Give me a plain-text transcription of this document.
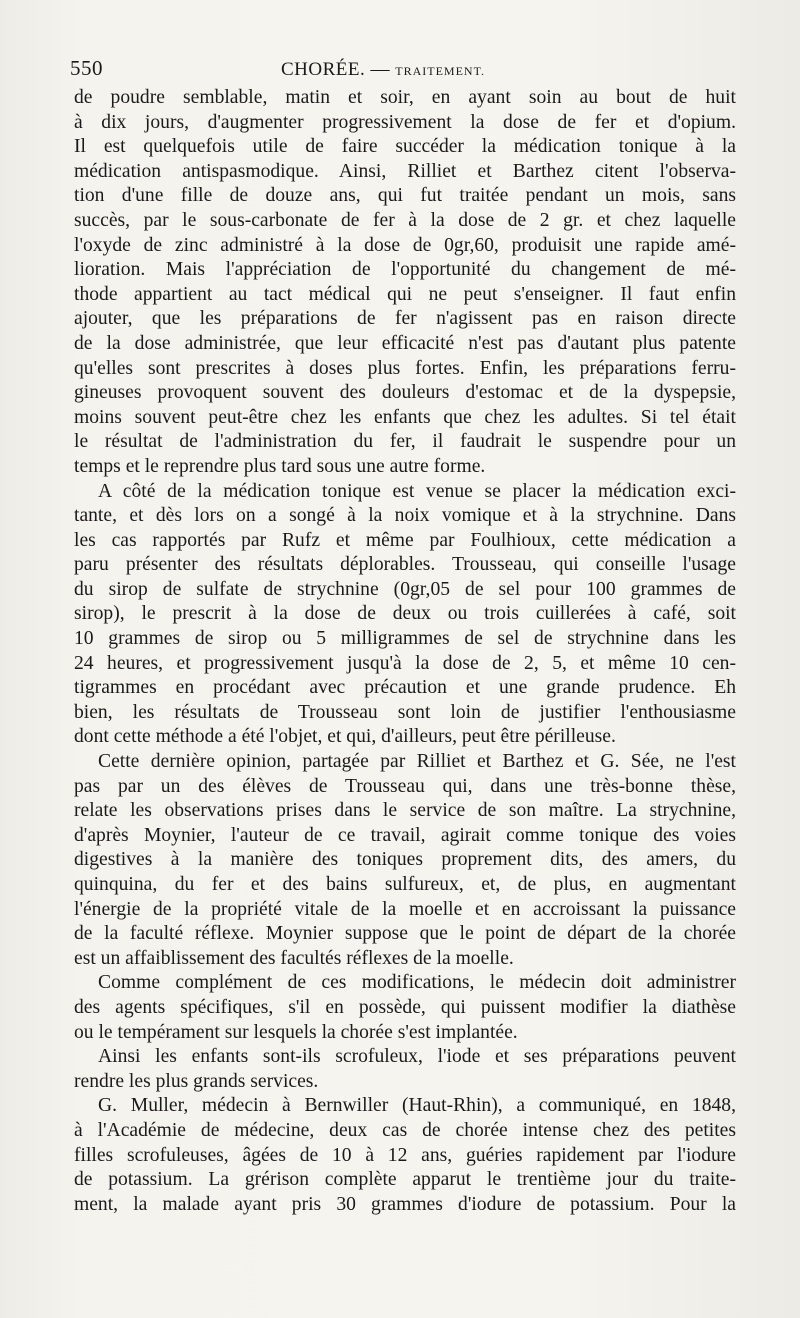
550	CHORÉE. — TRAITEMENT.
de poudre semblable, matin et soir, en ayant soin au bout de huit
à dix jours, d'augmenter progressivement la dose de fer et d'opium.
Il est quelquefois utile de faire succéder la médication tonique à la
médication antispasmodique. Ainsi, Rilliet et Barthez citent l'observa-
tion d'une fille de douze ans, qui fut traitée pendant un mois, sans
succès, par le sous-carbonate de fer à la dose de 2 gr. et chez laquelle
l'oxyde de zinc administré à la dose de 0gr,60, produisit une rapide amé-
lioration. Mais l'appréciation de l'opportunité du changement de mé-
thode appartient au tact médical qui ne peut s'enseigner. Il faut enfin
ajouter, que les préparations de fer n'agissent pas en raison directe
de la dose administrée, que leur efficacité n'est pas d'autant plus patente
qu'elles sont prescrites à doses plus fortes. Enfin, les préparations ferru-
gineuses provoquent souvent des douleurs d'estomac et de la dyspepsie,
moins souvent peut-être chez les enfants que chez les adultes. Si tel était
le résultat de l'administration du fer, il faudrait le suspendre pour un
temps et le reprendre plus tard sous une autre forme.
A côté de la médication tonique est venue se placer la médication exci-
tante, et dès lors on a songé à la noix vomique et à la strychnine. Dans
les cas rapportés par Rufz et même par Foulhioux, cette médication a
paru présenter des résultats déplorables. Trousseau, qui conseille l'usage
du sirop de sulfate de strychnine (0gr,05 de sel pour 100 grammes de
sirop), le prescrit à la dose de deux ou trois cuillerées à café, soit
10 grammes de sirop ou 5 milligrammes de sel de strychnine dans les
24 heures, et progressivement jusqu'à la dose de 2, 5, et même 10 cen-
tigrammes en procédant avec précaution et une grande prudence. Eh
bien, les résultats de Trousseau sont loin de justifier l'enthousiasme
dont cette méthode a été l'objet, et qui, d'ailleurs, peut être périlleuse.
Cette dernière opinion, partagée par Rilliet et Barthez et G. Sée, ne l'est
pas par un des élèves de Trousseau qui, dans une très-bonne thèse,
relate les observations prises dans le service de son maître. La strychnine,
d'après Moynier, l'auteur de ce travail, agirait comme tonique des voies
digestives à la manière des toniques proprement dits, des amers, du
quinquina, du fer et des bains sulfureux, et, de plus, en augmentant
l'énergie de la propriété vitale de la moelle et en accroissant la puissance
de la faculté réflexe. Moynier suppose que le point de départ de la chorée
est un affaiblissement des facultés réflexes de la moelle.
Comme complément de ces modifications, le médecin doit administrer
des agents spécifiques, s'il en possède, qui puissent modifier la diathèse
ou le tempérament sur lesquels la chorée s'est implantée.
Ainsi les enfants sont-ils scrofuleux, l'iode et ses préparations peuvent
rendre les plus grands services.
G. Muller, médecin à Bernwiller (Haut-Rhin), a communiqué, en 1848,
à l'Académie de médecine, deux cas de chorée intense chez des petites
filles scrofuleuses, âgées de 10 à 12 ans, guéries rapidement par l'iodure
de potassium. La grérison complète apparut le trentième jour du traite-
ment, la malade ayant pris 30 grammes d'iodure de potassium. Pour la
